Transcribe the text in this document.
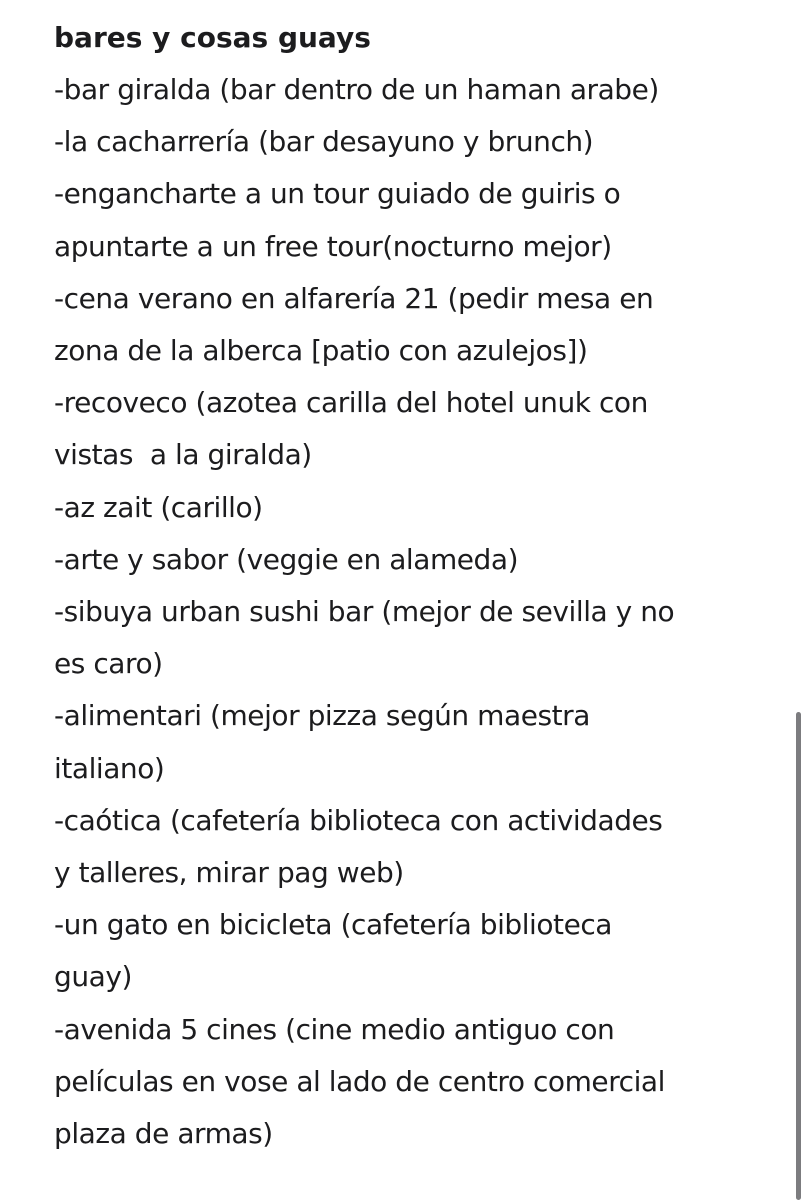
bares y cosas guays
-bar giralda (bar dentro de un haman arabe)
-la cacharrería (bar desayuno y brunch)
-engancharte a un tour guiado de guiris o
apuntarte a un free tour(nocturno mejor)
-cena verano en alfarería 21 (pedir mesa en
zona de la alberca [patio con azulejos])
-recoveco (azotea carilla del hotel unuk con
vistas  a la giralda)
-az zait (carillo)
-arte y sabor (veggie en alameda)
-sibuya urban sushi bar (mejor de sevilla y no
es caro)
-alimentari (mejor pizza según maestra
italiano)
-caótica (cafetería biblioteca con actividades
y talleres, mirar pag web)
-un gato en bicicleta (cafetería biblioteca
guay)
-avenida 5 cines (cine medio antiguo con
películas en vose al lado de centro comercial
plaza de armas)
